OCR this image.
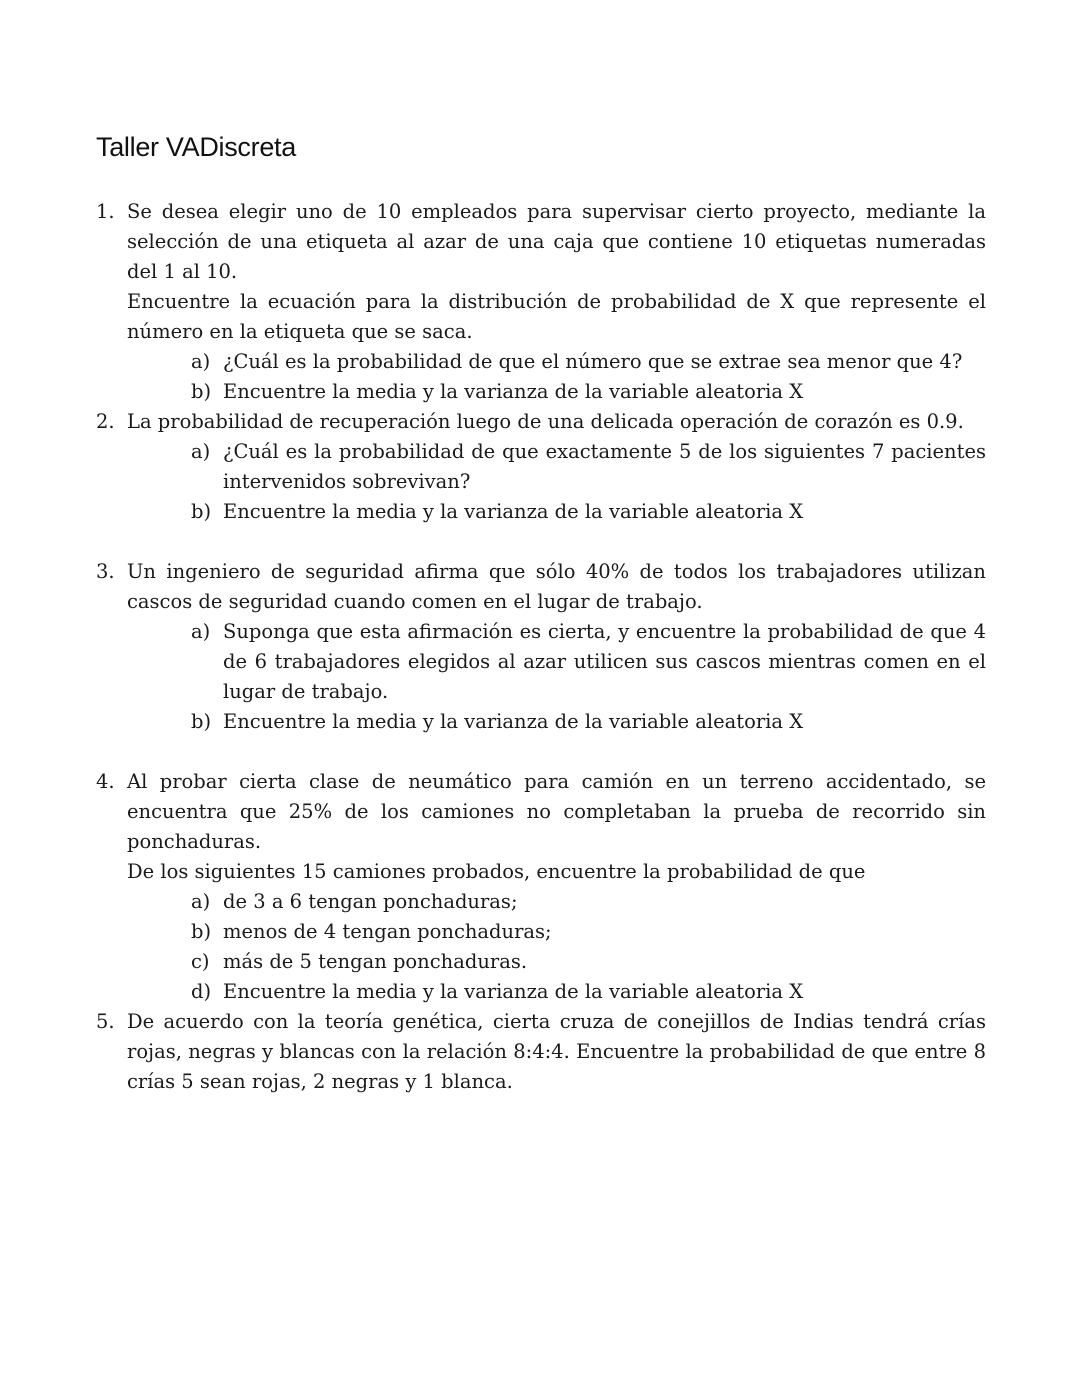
Taller VADiscreta
1. Se desea elegir uno de 10 empleados para supervisar cierto proyecto, mediante la selección de una etiqueta al azar de una caja que contiene 10 etiquetas numeradas del 1 al 10.

Encuentre la ecuación para la distribución de probabilidad de X que represente el número en la etiqueta que se saca.

a) ¿Cuál es la probabilidad de que el número que se extrae sea menor que 4?
b) Encuentre la media y la varianza de la variable aleatoria X
2. La probabilidad de recuperación luego de una delicada operación de corazón es 0.9.

a) ¿Cuál es la probabilidad de que exactamente 5 de los siguientes 7 pacientes intervenidos sobrevivan?
b) Encuentre la media y la varianza de la variable aleatoria X
3. Un ingeniero de seguridad afirma que sólo 40% de todos los trabajadores utilizan cascos de seguridad cuando comen en el lugar de trabajo.

a) Suponga que esta afirmación es cierta, y encuentre la probabilidad de que 4 de 6 trabajadores elegidos al azar utilicen sus cascos mientras comen en el lugar de trabajo.
b) Encuentre la media y la varianza de la variable aleatoria X
4. Al probar cierta clase de neumático para camión en un terreno accidentado, se encuentra que 25% de los camiones no completaban la prueba de recorrido sin ponchaduras.

De los siguientes 15 camiones probados, encuentre la probabilidad de que

a) de 3 a 6 tengan ponchaduras;
b) menos de 4 tengan ponchaduras;
c) más de 5 tengan ponchaduras.
d) Encuentre la media y la varianza de la variable aleatoria X
5. De acuerdo con la teoría genética, cierta cruza de conejillos de Indias tendrá crías rojas, negras y blancas con la relación 8:4:4. Encuentre la probabilidad de que entre 8 crías 5 sean rojas, 2 negras y 1 blanca.
